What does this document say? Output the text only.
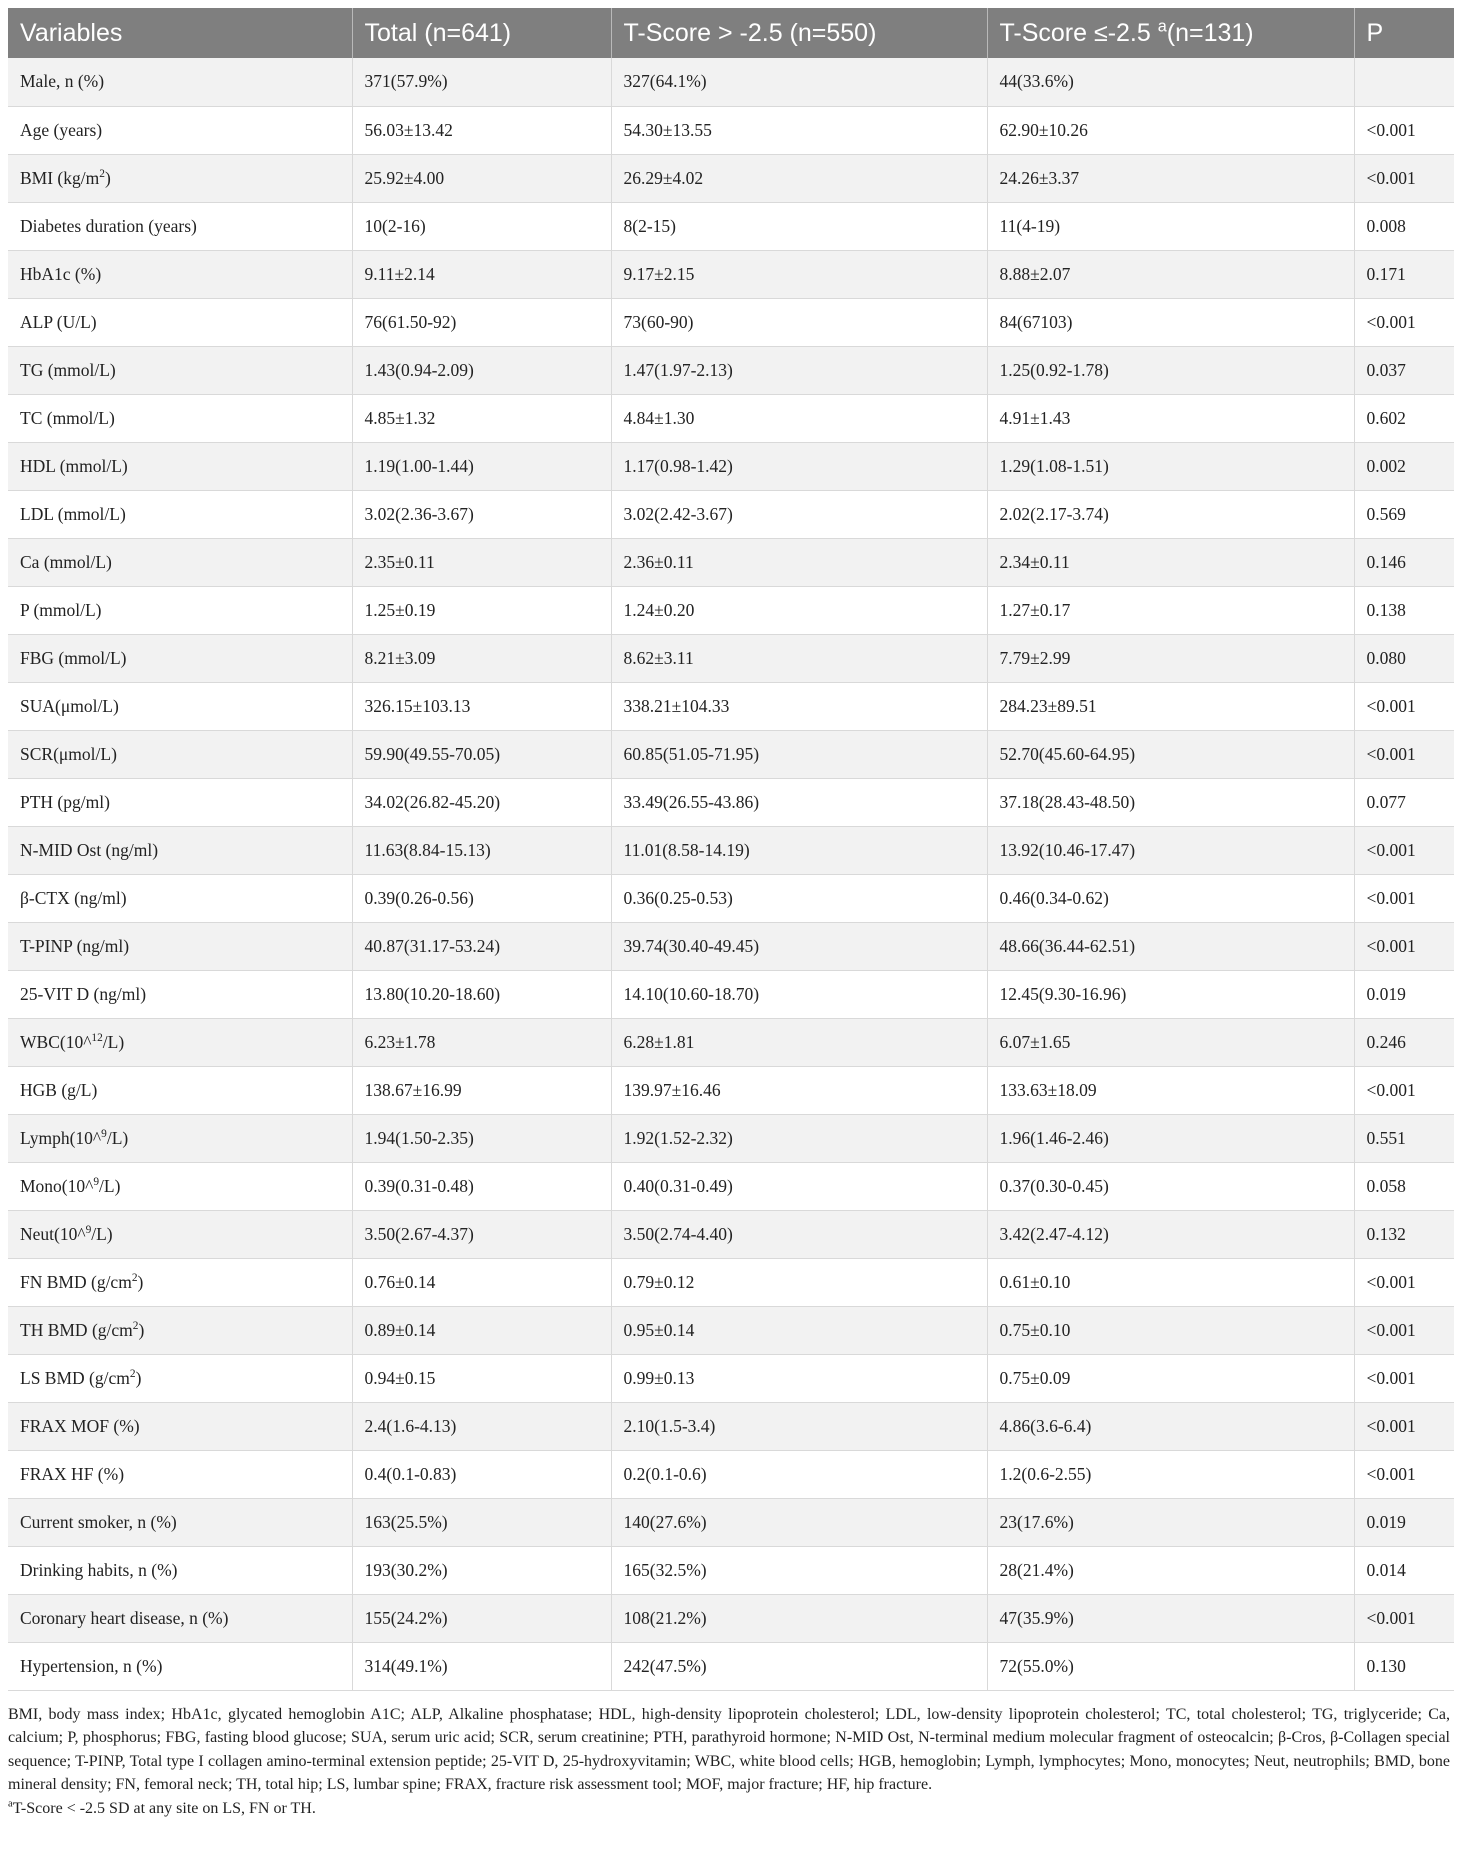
Variables	Total (n=641)	T-Score > -2.5 (n=550)	T-Score ≤-2.5 $^a$(n=131)	P
Male, n (%)	371(57.9%)	327(64.1%)	44(33.6%)	
Age (years)	56.03±13.42	54.30±13.55	62.90±10.26	<0.001
BMI $(kg/m^2)$	25.92±4.00	26.29±4.02	24.26±3.37	<0.001
Diabetes duration (years)	10(2-16)	8(2-15)	11(4-19)	0.008
HbA1c (%)	9.11±2.14	9.17±2.15	8.88±2.07	0.171
ALP (U/L)	76(61.50-92)	73(60-90)	84(67103)	<0.001
TG (mmol/L)	1.43(0.94-2.09)	1.47(1.97-2.13)	1.25(0.92-1.78)	0.037
TC (mmol/L)	4.85±1.32	4.84±1.30	4.91±1.43	0.602
HDL (mmol/L)	1.19(1.00-1.44)	1.17(0.98-1.42)	1.29(1.08-1.51)	0.002
LDL (mmol/L)	3.02(2.36-3.67)	3.02(2.42-3.67)	2.02(2.17-3.74)	0.569
Ca (mmol/L)	2.35±0.11	2.36±0.11	2.34±0.11	0.146
P (mmol/L)	1.25±0.19	1.24±0.20	1.27±0.17	0.138
FBG (mmol/L)	8.21±3.09	8.62±3.11	7.79±2.99	0.080
SUA(μmol/L)	326.15±103.13	338.21±104.33	284.23±89.51	<0.001
SCR(μmol/L)	59.90(49.55-70.05)	60.85(51.05-71.95)	52.70(45.60-64.95)	<0.001
PTH (pg/ml)	34.02(26.82-45.20)	33.49(26.55-43.86)	37.18(28.43-48.50)	0.077
N-MID Ost (ng/ml)	11.63(8.84-15.13)	11.01(8.58-14.19)	13.92(10.46-17.47)	<0.001
β-CTX (ng/ml)	0.39(0.26-0.56)	0.36(0.25-0.53)	0.46(0.34-0.62)	<0.001
T-PINP (ng/ml)	40.87(31.17-53.24)	39.74(30.40-49.45)	48.66(36.44-62.51)	<0.001
25-VIT D (ng/ml)	13.80(10.20-18.60)	14.10(10.60-18.70)	12.45(9.30-16.96)	0.019
WBC(10^$^{12}$/L)	6.23±1.78	6.28±1.81	6.07±1.65	0.246
HGB (g/L)	138.67±16.99	139.97±16.46	133.63±18.09	<0.001
Lymph(10^$^9$/L)	1.94(1.50-2.35)	1.92(1.52-2.32)	1.96(1.46-2.46)	0.551
Mono(10^$^9$/L)	0.39(0.31-0.48)	0.40(0.31-0.49)	0.37(0.30-0.45)	0.058
Neut(10^$^9$/L)	3.50(2.67-4.37)	3.50(2.74-4.40)	3.42(2.47-4.12)	0.132
FN BMD $(g/cm^2)$	0.76±0.14	0.79±0.12	0.61±0.10	<0.001
TH BMD $(g/cm^2)$	0.89±0.14	0.95±0.14	0.75±0.10	<0.001
LS BMD $(g/cm^2)$	0.94±0.15	0.99±0.13	0.75±0.09	<0.001
FRAX MOF (%)	2.4(1.6-4.13)	2.10(1.5-3.4)	4.86(3.6-6.4)	<0.001
FRAX HF (%)	0.4(0.1-0.83)	0.2(0.1-0.6)	1.2(0.6-2.55)	<0.001
Current smoker, n (%)	163(25.5%)	140(27.6%)	23(17.6%)	0.019
Drinking habits, n (%)	193(30.2%)	165(32.5%)	28(21.4%)	0.014
Coronary heart disease, n (%)	155(24.2%)	108(21.2%)	47(35.9%)	<0.001
Hypertension, n (%)	314(49.1%)	242(47.5%)	72(55.0%)	0.130

BMI, body mass index; HbA1c, glycated hemoglobin A1C; ALP, Alkaline phosphatase; HDL, high-density lipoprotein cholesterol; LDL, low-density lipoprotein cholesterol; TC, total cholesterol; TG, triglyceride; Ca, calcium; P, phosphorus; FBG, fasting blood glucose; SUA, serum uric acid; SCR, serum creatinine; PTH, parathyroid hormone; N-MID Ost, N-terminal medium molecular fragment of osteocalcin; β-Cros, β-Collagen special sequence; T-PINP, Total type I collagen amino-terminal extension peptide; 25-VIT D, 25-hydroxyvitamin; WBC, white blood cells; HGB, hemoglobin; Lymph, lymphocytes; Mono, monocytes; Neut, neutrophils; BMD, bone mineral density; FN, femoral neck; TH, total hip; LS, lumbar spine; FRAX, fracture risk assessment tool; MOF, major fracture; HF, hip fracture.

$^a$T-Score < -2.5 SD at any site on LS, FN or TH.
